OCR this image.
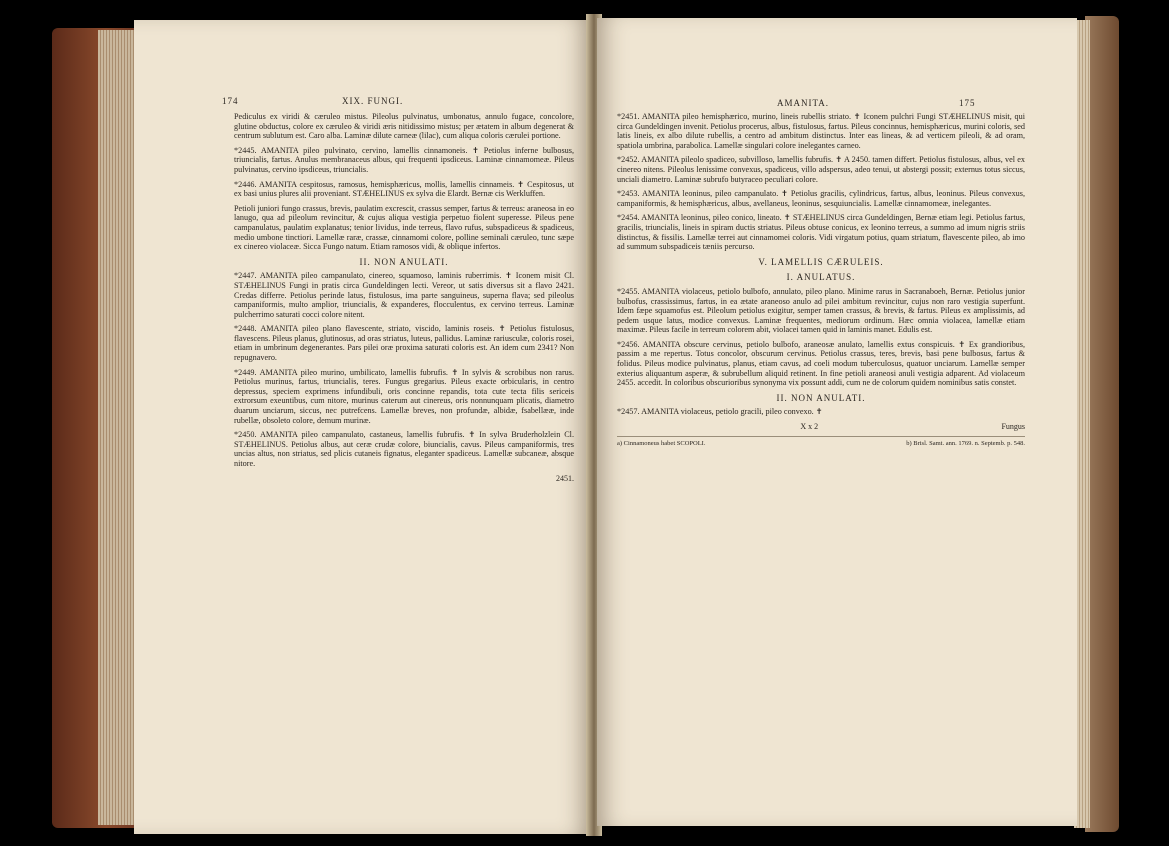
174	XIX. FUNGI.

Pediculus ex viridi & cæruleo mistus. Pileolus pulvinatus, umbonatus, annulo fugace, concolore, glutine obductus, colore ex cæruleo & viridi æris nitidissimo mistus; per ætatem in album degenerat & centrum sublutum est. Caro alba. Laminæ dilute carneæ (lilac), cum aliqua coloris cærulei portione.

*2445. AMANITA pileo pulvinato, cervino, lamellis cinnamoneis. ✝ Petiolus inferne bulbosus, triuncialis, fartus. Anulus membranaceus albus, qui frequenti ipsdiceus. Laminæ cinnamomeæ. Pileus pulvinatus, cervino ipsdiceus, triuncialis.

*2446. AMANITA cespitosus, ramosus, hemisphæricus, mollis, lamellis cinnameis. ✝ Cespitosus, ut ex basi unius plures alii proveniant. STÆHELINUS ex sylva die Elardt. Bernæ cis Werkluffen.

Petioli juniori fungo crassus, brevis, paulatim excrescit, crassus semper, fartus & terreus: araneosa in eo lanugo, qua ad pileolum revincitur, & cujus aliqua vestigia perpetuo fiolent superesse. Pileus pene campanulatus, paulatim explanatus; tenior lividus, inde terreus, flavo rufus, subspadiceus & spadiceus, medio umbone tinctiori. Lamellæ raræ, crassæ, cinnamomi colore, polline seminali cæruleo, tunc sæpe ex cinereo violaceæ. Sicca Fungo natum. Etiam ramosos vidi, & oblique infertos.

II. NON ANULATI.

*2447. AMANITA pileo campanulato, cinereo, squamoso, laminis ruberrimis. ✝ Iconem misit Cl. STÆHELINUS Fungi in pratis circa Gundeldingen lecti. Vereor, ut satis diversus sit a flavo 2421. Credas differre. Petiolus perinde latus, fistulosus, ima parte sanguineus, superna flava; sed pileolus campaniformis, multo amplior, triuncialis, & expanderes, flocculentus, ex cervino terreus. Laminæ pulcherrimo saturati cocci colore nitent.

*2448. AMANITA pileo plano flavescente, striato, viscido, laminis roseis. ✝ Petiolus fistulosus, flavescens. Pileus planus, glutinosus, ad oras striatus, luteus, pallidus. Laminæ rariusculæ, coloris rosei, etiam in umbrinum degenerantes. Pars pilei oræ proxima saturati coloris est. An idem cum 2341? Non repugnavero.

*2449. AMANITA pileo murino, umbilicato, lamellis fubrufis. ✝ In sylvis & scrobibus non rarus. Petiolus murinus, fartus, triuncialis, teres. Fungus gregarius. Pileus exacte orbicularis, in centro depressus, speciem exprimens infundibuli, oris concinne repandis, tota cute tecta filis sericeis extrorsum exeuntibus, cum nitore, murinus caterum aut cinereus, oris nonnunquam plicatis, diametro duarum unciarum, siccus, nec putrefcens. Lamellæ breves, non profundæ, albidæ, fsabellææ, inde rubellæ, obsoleto colore, demum murinæ.

*2450. AMANITA pileo campanulato, castaneus, lamellis fubrufis. ✝ In sylva Bruderholzlein Cl. STÆHELINUS. Petiolus albus, aut ceræ crudæ colore, biuncialis, cavus. Pileus campaniformis, tres uncias altus, non striatus, sed plicis cutaneis fignatus, eleganter spadiceus. Lamellæ subcaneæ, absque nitore.

2451.
AMANITA.	175

*2451. AMANITA pileo hemisphærico, murino, lineis rubellis striato. ✝ Iconem pulchri Fungi STÆHELINUS misit, qui circa Gundeldingen invenit. Petiolus procerus, albus, fistulosus, fartus. Pileus concinnus, hemisphæricus, murini coloris, sed latis lineis, ex albo dilute rubellis, a centro ad ambitum distinctus. Inter eas lineas, & ad verticem pileoli, & ad oram, spatiola umbrina, parabolica. Lamellæ singulari colore inelegantes carneo.

*2452. AMANITA pileolo spadiceo, subvilloso, lamellis fubrufis. ✝ A 2450. tamen differt. Petiolus fistulosus, albus, vel ex cinereo nitens. Pileolus lenissime convexus, spadiceus, villo adspersus, adeo tenui, ut abstergi possit; externus totus siccus, unciali diametro. Laminæ subrufo butyraceo peculiari colore.

*2453. AMANITA leoninus, pileo campanulato. ✝ Petiolus gracilis, cylindricus, fartus, albus, leoninus. Pileus convexus, campaniformis, & hemisphæricus, albus, avellaneus, leoninus, sesquiuncialis. Lamellæ cinnamomeæ, inelegantes.

*2454. AMANITA leoninus, pileo conico, lineato. ✝ STÆHELINUS circa Gundeldingen, Bernæ etiam legi. Petiolus fartus, gracilis, triuncialis, lineis in spiram ductis striatus. Pileus obtuse conicus, ex leonino terreus, a summo ad imum nigris striis distinctus, & fissilis. Lamellæ terrei aut cinnamomei coloris. Vidi virgatum potius, quam striatum, flavescente pileo, ab imo ad summum subspadiceis tæniis percurso.

V. LAMELLIS CÆRULEIS.
I. ANULATUS.

*2455. AMANITA violaceus, petiolo bulbofo, annulato, pileo plano. Minime rarus in Sacranaboeh, Bernæ. Petiolus junior bulbofus, crassissimus, fartus, in ea ætate araneoso anulo ad pilei ambitum revincitur, cujus non raro vestigia superfunt. Idem fæpe squamofus est. Pileolum petiolus exigitur, semper tamen crassus, & brevis, & fartus. Pileus ex amplissimis, ad pedem usque latus, modice convexus. Laminæ frequentes, mediorum ordinum. Hæc omnia violacea, lamellæ etiam maximæ. Pileus facile in terreum colorem abit, violacei tamen quid in laminis manet. Edulis est.

*2456. AMANITA obscure cervinus, petiolo bulbofo, araneosæ anulato, lamellis extus conspicuis. ✝ Ex grandioribus, passim a me repertus. Totus concolor, obscurum cervinus. Petiolus crassus, teres, brevis, basi pene bulbosus, fartus & folidus. Pileus modice pulvinatus, planus, etiam cavus, ad coeli modum tuberculosus, quatuor unciarum. Lamellæ semper exterius aliquantum asperæ, & subrubellum aliquid retinent. In fine petioli araneosi anuli vestigia adparent. Ad violaceum 2455. accedit. In coloribus obscurioribus synonyma vix possunt addi, cum ne de colorum quidem nominibus satis constet.

II. NON ANULATI.

*2457. AMANITA violaceus, petiolo gracili, pileo convexo. ✝

X x 2	Fungus
a) Cinnamoneus habet SCOPOLI.	b) Brisl. Samt. ann. 1769. n. Septemb. p. 548.
